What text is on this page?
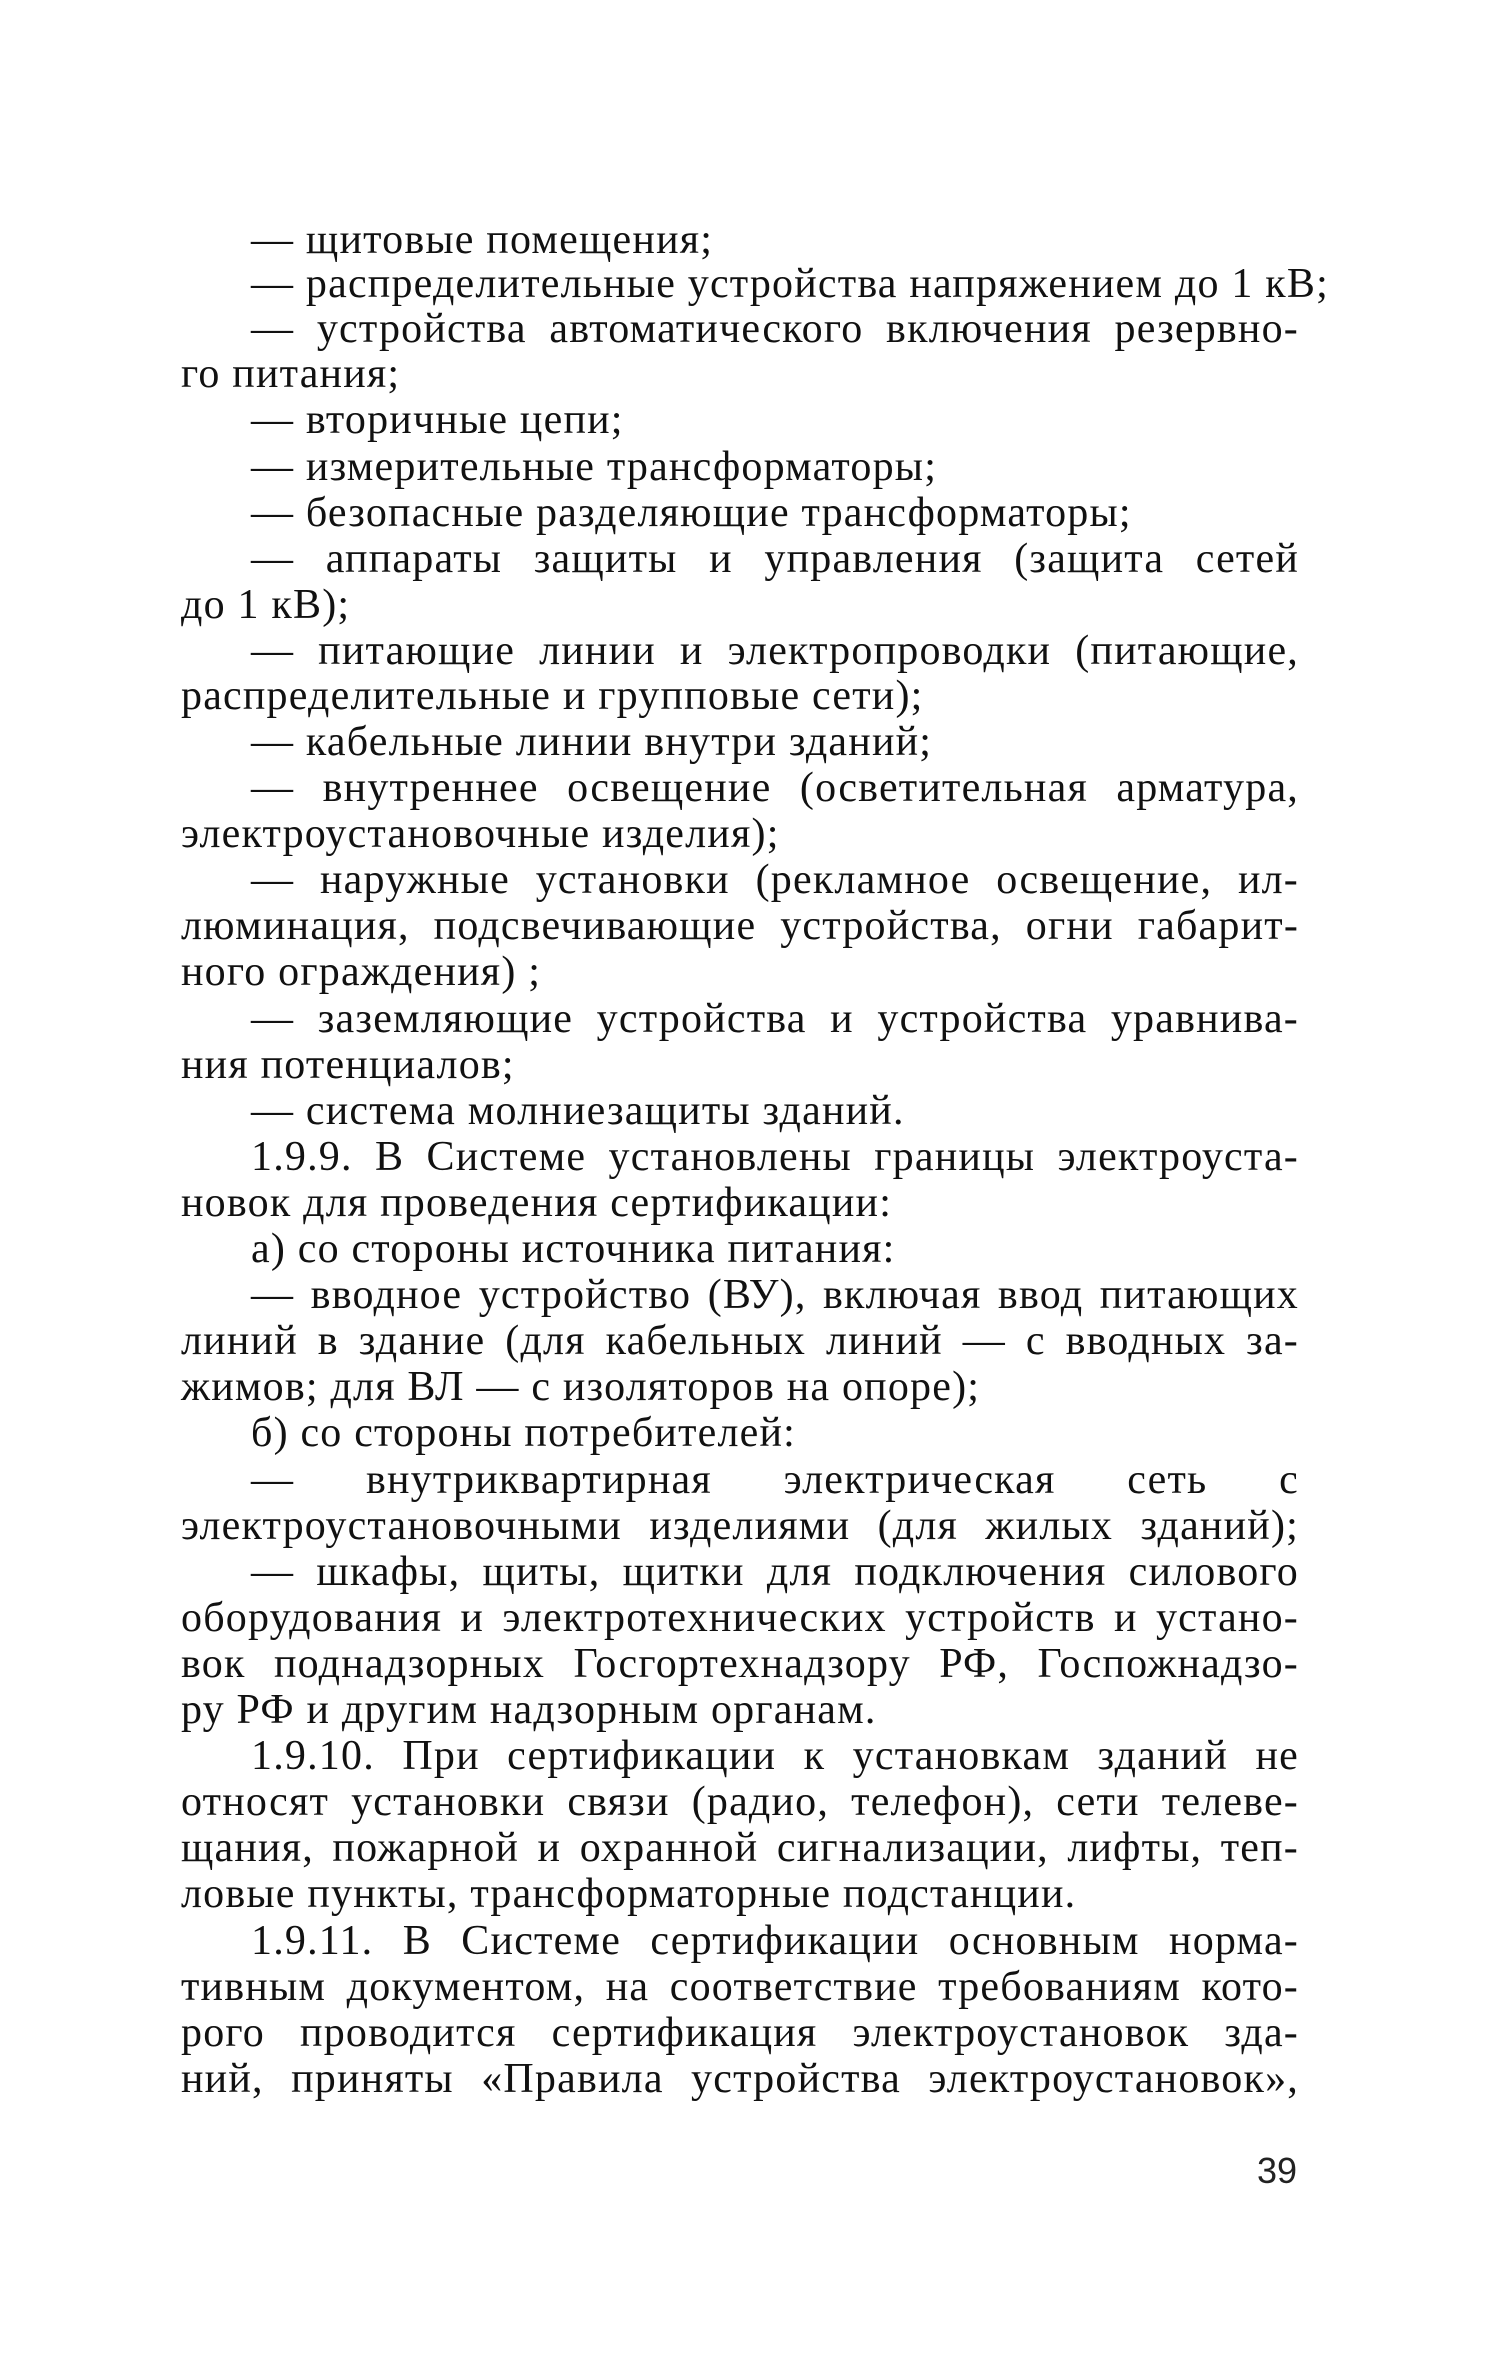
— щитовые помещения;
— распределительные устройства напряжением до 1 кВ;
— устройства автоматического включения резервно-
го питания;
— вторичные цепи;
— измерительные трансформаторы;
— безопасные разделяющие трансформаторы;
— аппараты защиты и управления (защита сетей
до 1 кВ);
— питающие линии и электропроводки (питающие,
распределительные и групповые сети);
— кабельные линии внутри зданий;
— внутреннее освещение (осветительная арматура,
электроустановочные изделия);
— наружные установки (рекламное освещение, ил-
люминация, подсвечивающие устройства, огни габарит-
ного ограждения) ;
— заземляющие устройства и устройства уравнива-
ния потенциалов;
— система молниезащиты зданий.
1.9.9. В Системе установлены границы электроуста-
новок для проведения сертификации:
а) со стороны источника питания:
— вводное устройство (ВУ), включая ввод питающих
линий в здание (для кабельных линий — с вводных за-
жимов; для ВЛ — с изоляторов на опоре);
б) со стороны потребителей:
— внутриквартирная электрическая сеть с
электроустановочными изделиями (для жилых зданий);
— шкафы, щиты, щитки для подключения силового
оборудования и электротехнических устройств и устано-
вок поднадзорных Госгортехнадзору РФ, Госпожнадзо-
ру РФ и другим надзорным органам.
1.9.10. При сертификации к установкам зданий не
относят установки связи (радио, телефон), сети телеве-
щания, пожарной и охранной сигнализации, лифты, теп-
ловые пункты, трансформаторные подстанции.
1.9.11. В Системе сертификации основным норма-
тивным документом, на соответствие требованиям кото-
рого проводится сертификация электроустановок зда-
ний, приняты «Правила устройства электроустановок»,
39
